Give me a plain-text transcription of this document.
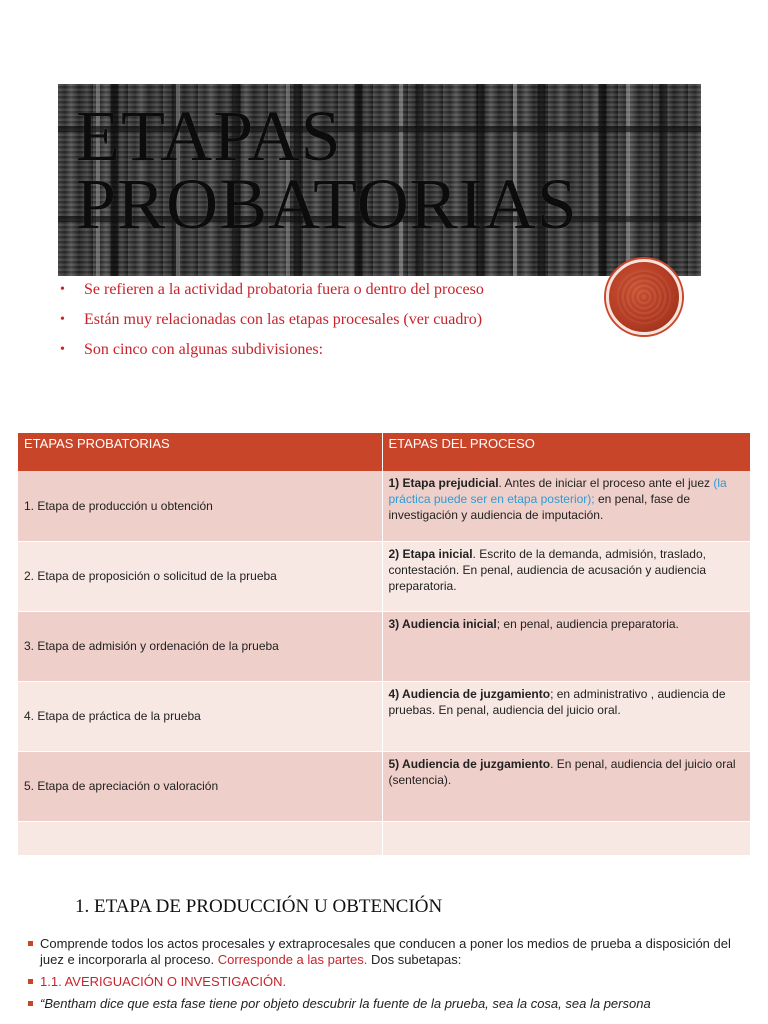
ETAPAS PROBATORIAS
• Se refieren a la actividad probatoria fuera o dentro del proceso
• Están muy relacionadas con las etapas procesales (ver cuadro)
• Son cinco con algunas subdivisiones:
ETAPAS PROBATORIAS	ETAPAS DEL PROCESO
1. Etapa de producción u obtención	1) Etapa prejudicial. Antes de iniciar el proceso ante el juez (la práctica puede ser en etapa posterior); en penal, fase de investigación y audiencia de imputación.
2. Etapa de proposición o solicitud de la prueba	2) Etapa inicial. Escrito de la demanda, admisión, traslado, contestación. En penal, audiencia de acusación y audiencia preparatoria.
3. Etapa de admisión y ordenación de la prueba	3) Audiencia inicial; en penal, audiencia preparatoria.
4. Etapa de práctica de la prueba	4) Audiencia de juzgamiento; en administrativo , audiencia de pruebas. En penal, audiencia del juicio oral.
5. Etapa de apreciación o valoración	5) Audiencia de juzgamiento. En penal, audiencia del juicio oral (sentencia).

1. ETAPA DE PRODUCCIÓN U OBTENCIÓN
Comprende todos los actos procesales y extraprocesales que conducen a poner los medios de prueba a disposición del juez e incorporarla al proceso. Corresponde a las partes. Dos subetapas:
1.1. AVERIGUACIÓN O INVESTIGACIÓN.
“Bentham dice que esta fase tiene por objeto descubrir la fuente de la prueba, sea la cosa, sea la persona
